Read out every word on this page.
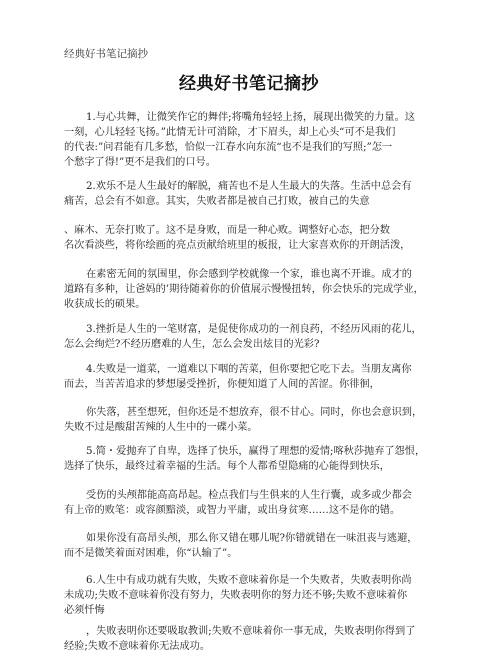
经典好书笔记摘抄
经典好书笔记摘抄
1.与心共舞，让微笑作它的舞伴;将嘴角轻轻上扬，展现出微笑的力量。这
一刻，心儿轻轻飞扬。”此情无计可消除，才下眉头，却上心头“可不是我们
的代表:”问君能有几多愁，恰似一江春水向东流“也不是我们的写照;”怎一
个愁字了得!”更不是我们的口号。
2.欢乐不是人生最好的解脱，痛苦也不是人生最大的失落。生活中总会有
痛苦，总会有不如意。其实，失败者都是被自己打败，被自己的失意
、麻木、无奈打败了。这不是身败，而是一种心败。调整好心态，把分数
名次看淡些，将你绘画的亮点贡献给班里的板报，让大家喜欢你的开朗活泼，
在素密无间的氛围里，你会感到学校就像一个家，谁也离不开谁。成才的
道路有多种，让爸妈的’期待随着你的价值展示慢慢扭转，你会快乐的完成学业，
收获成长的硕果。
3.挫折是人生的一笔财富，是促使你成功的一剂良药，不经历风雨的花儿，
怎么会绚烂?不经历磨难的人生，怎么会发出炫目的光彩?
4.失败是一道菜，一道难以下咽的苦菜，但你要把它吃下去。当朋友离你
而去，当苦苦追求的梦想屡受挫折，你便知道了人间的苦涩。你徘徊，
你失落，甚至想死，但你还是不想放弃，很不甘心。同时，你也会意识到，
失败不过是酸甜苦辣的人生中的一碟小菜。
5.简・爱抛弃了自卑，选择了快乐，赢得了理想的爱情;喀秋莎抛弃了怨恨，
选择了快乐，最终过着幸福的生活。每个人都希望隐痛的心能得到快乐，
受伤的头颅都能高高昂起。检点我们与生俱来的人生行囊，或多或少都会
有上帝的败笔：或容颜黯淡，或智力平庸，或出身贫寒……这不是你的错。
如果你没有高昂头颅，那么你又错在哪儿呢?你错就错在一味沮丧与逃避，
而不是微笑着面对困难，你“认输了”。
6.人生中有成功就有失败，失败不意味着你是一个失败者，失败表明你尚
未成功;失败不意味着你没有努力，失败表明你的努力还不够;失败不意味着你
必须忏悔
，失败表明你还要吸取教训;失败不意味着你一事无成，失败表明你得到了
经验;失败不意味着你无法成功。
